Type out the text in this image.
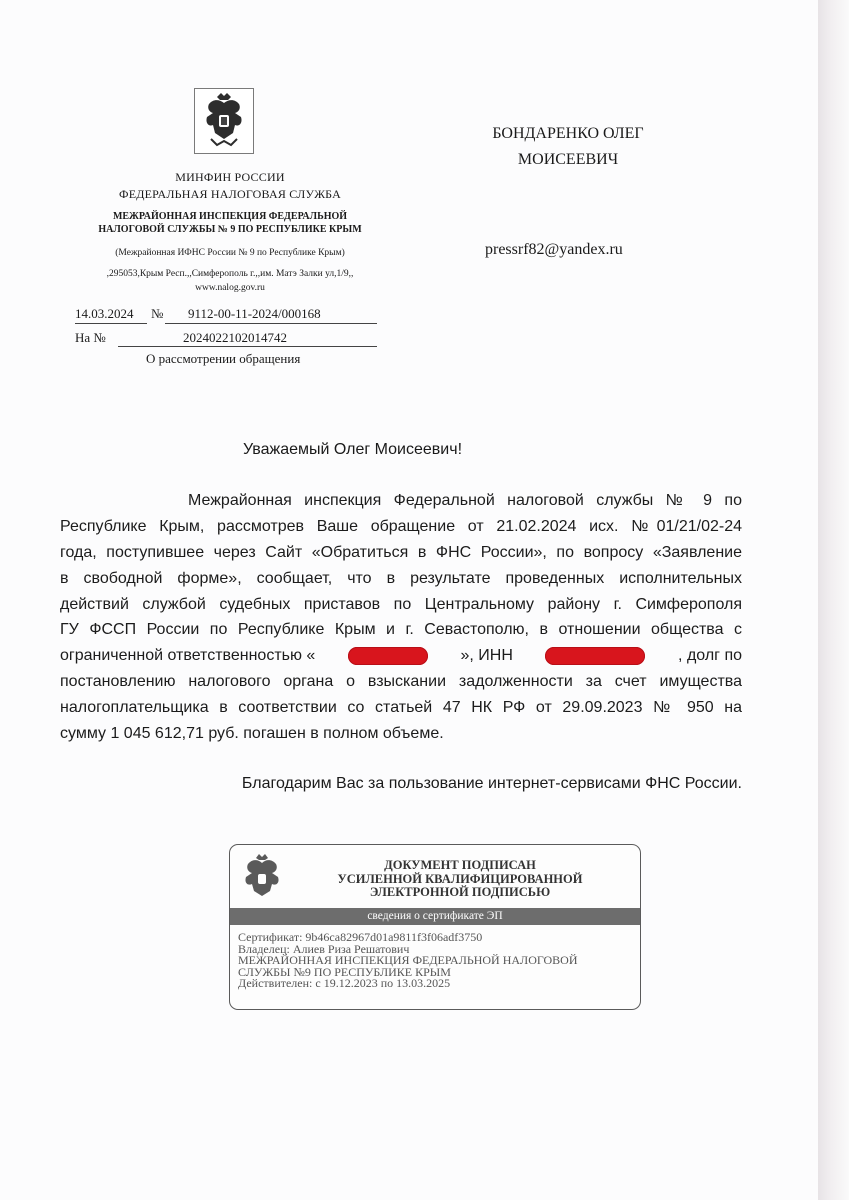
МИНФИН РОССИИ
ФЕДЕРАЛЬНАЯ НАЛОГОВАЯ СЛУЖБА
МЕЖРАЙОННАЯ ИНСПЕКЦИЯ ФЕДЕРАЛЬНОЙ
НАЛОГОВОЙ СЛУЖБЫ № 9 ПО РЕСПУБЛИКЕ КРЫМ
(Межрайонная ИФНС России № 9 по Республике Крым)
,295053,Крым Респ.,,Симферополь г.,,им. Матэ Залки ул,1/9,,
www.nalog.gov.ru
14.03.2024 № 9112-00-11-2024/000168
На №	2024022102014742
О рассмотрении обращения
БОНДАРЕНКО ОЛЕГ
МОИСЕЕВИЧ
pressrf82@yandex.ru
Уважаемый Олег Моисеевич!
Межрайонная инспекция Федеральной налоговой службы № 9 по
Республике Крым, рассмотрев Ваше обращение от 21.02.2024 исх. №01/21/02-24
года, поступившее через Сайт «Обратиться в ФНС России», по вопросу «Заявление
в свободной форме», сообщает, что в результате проведенных исполнительных
действий службой судебных приставов по Центральному району г. Симферополя
ГУ ФССП России по Республике Крым и г. Севастополю, в отношении общества с
ограниченной ответственностью «	», ИНН	, долг по
постановлению налогового органа о взыскании задолженности за счет имущества
налогоплательщика в соответствии со статьей 47 НК РФ от 29.09.2023 № 950 на
сумму 1 045 612,71 руб. погашен в полном объеме.
Благодарим Вас за пользование интернет-сервисами ФНС России.
ДОКУМЕНТ ПОДПИСАН
УСИЛЕННОЙ КВАЛИФИЦИРОВАННОЙ
ЭЛЕКТРОННОЙ ПОДПИСЬЮ
сведения о сертификате ЭП
Сертификат: 9b46ca82967d01a9811f3f06adf3750
Владелец: Алиев Риза Решатович
МЕЖРАЙОННАЯ ИНСПЕКЦИЯ ФЕДЕРАЛЬНОЙ НАЛОГОВОЙ
СЛУЖБЫ №9 ПО РЕСПУБЛИКЕ КРЫМ
Действителен: с 19.12.2023 по 13.03.2025
